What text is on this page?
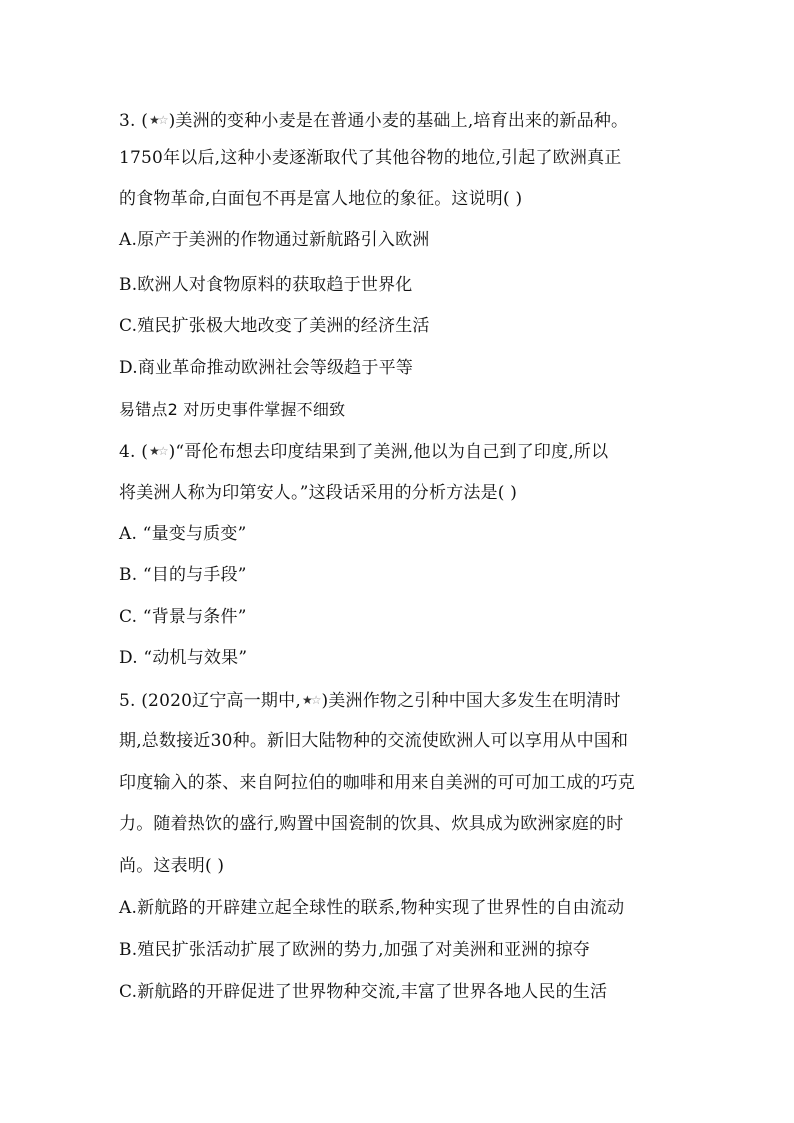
3. (★☆ )美洲的变种小麦是在普通小麦的基础上,培育出来的新品种。
1750年以后,这种小麦逐渐取代了其他谷物的地位,引起了欧洲真正
的食物革命,白面包不再是富人地位的象征。这说明( )
A.原产于美洲的作物通过新航路引入欧洲
B.欧洲人对食物原料的获取趋于世界化
C.殖民扩张极大地改变了美洲的经济生活
D.商业革命推动欧洲社会等级趋于平等
易错点2 对历史事件掌握不细致
4. (★☆ )“哥伦布想去印度结果到了美洲,他以为自己到了印度,所以
将美洲人称为印第安人。”这段话采用的分析方法是( )
A. “量变与质变”
B. “目的与手段”
C. “背景与条件”
D. “动机与效果”
5. (2020辽宁高一期中,★☆ )美洲作物之引种中国大多发生在明清时
期,总数接近30种。新旧大陆物种的交流使欧洲人可以享用从中国和
印度输入的茶、来自阿拉伯的咖啡和用来自美洲的可可加工成的巧克
力。随着热饮的盛行,购置中国瓷制的饮具、炊具成为欧洲家庭的时
尚。这表明( )
A.新航路的开辟建立起全球性的联系,物种实现了世界性的自由流动
B.殖民扩张活动扩展了欧洲的势力,加强了对美洲和亚洲的掠夺
C.新航路的开辟促进了世界物种交流,丰富了世界各地人民的生活
